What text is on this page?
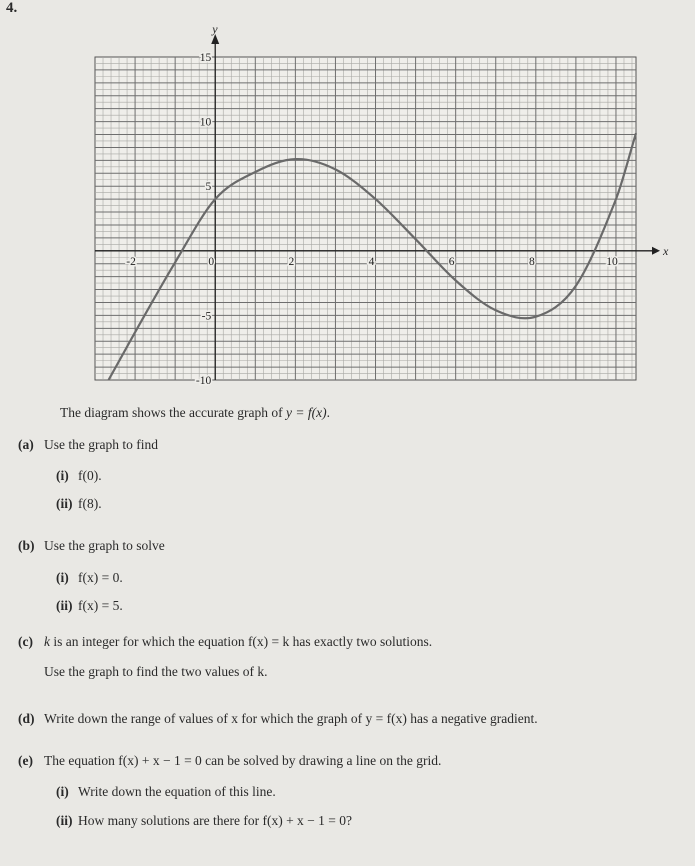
4.
x
y
-2	0	2	4	6	8	10
15
10
5
-5
-10
The diagram shows the accurate graph of y = f(x).
(a) Use the graph to find
(i) f(0).
(ii) f(8).
(b) Use the graph to solve
(i) f(x) = 0.
(ii) f(x) = 5.
(c) k is an integer for which the equation f(x) = k has exactly two solutions.
Use the graph to find the two values of k.
(d) Write down the range of values of x for which the graph of y = f(x) has a negative gradient.
(e) The equation f(x) + x − 1 = 0 can be solved by drawing a line on the grid.
(i) Write down the equation of this line.
(ii) How many solutions are there for f(x) + x − 1 = 0?
